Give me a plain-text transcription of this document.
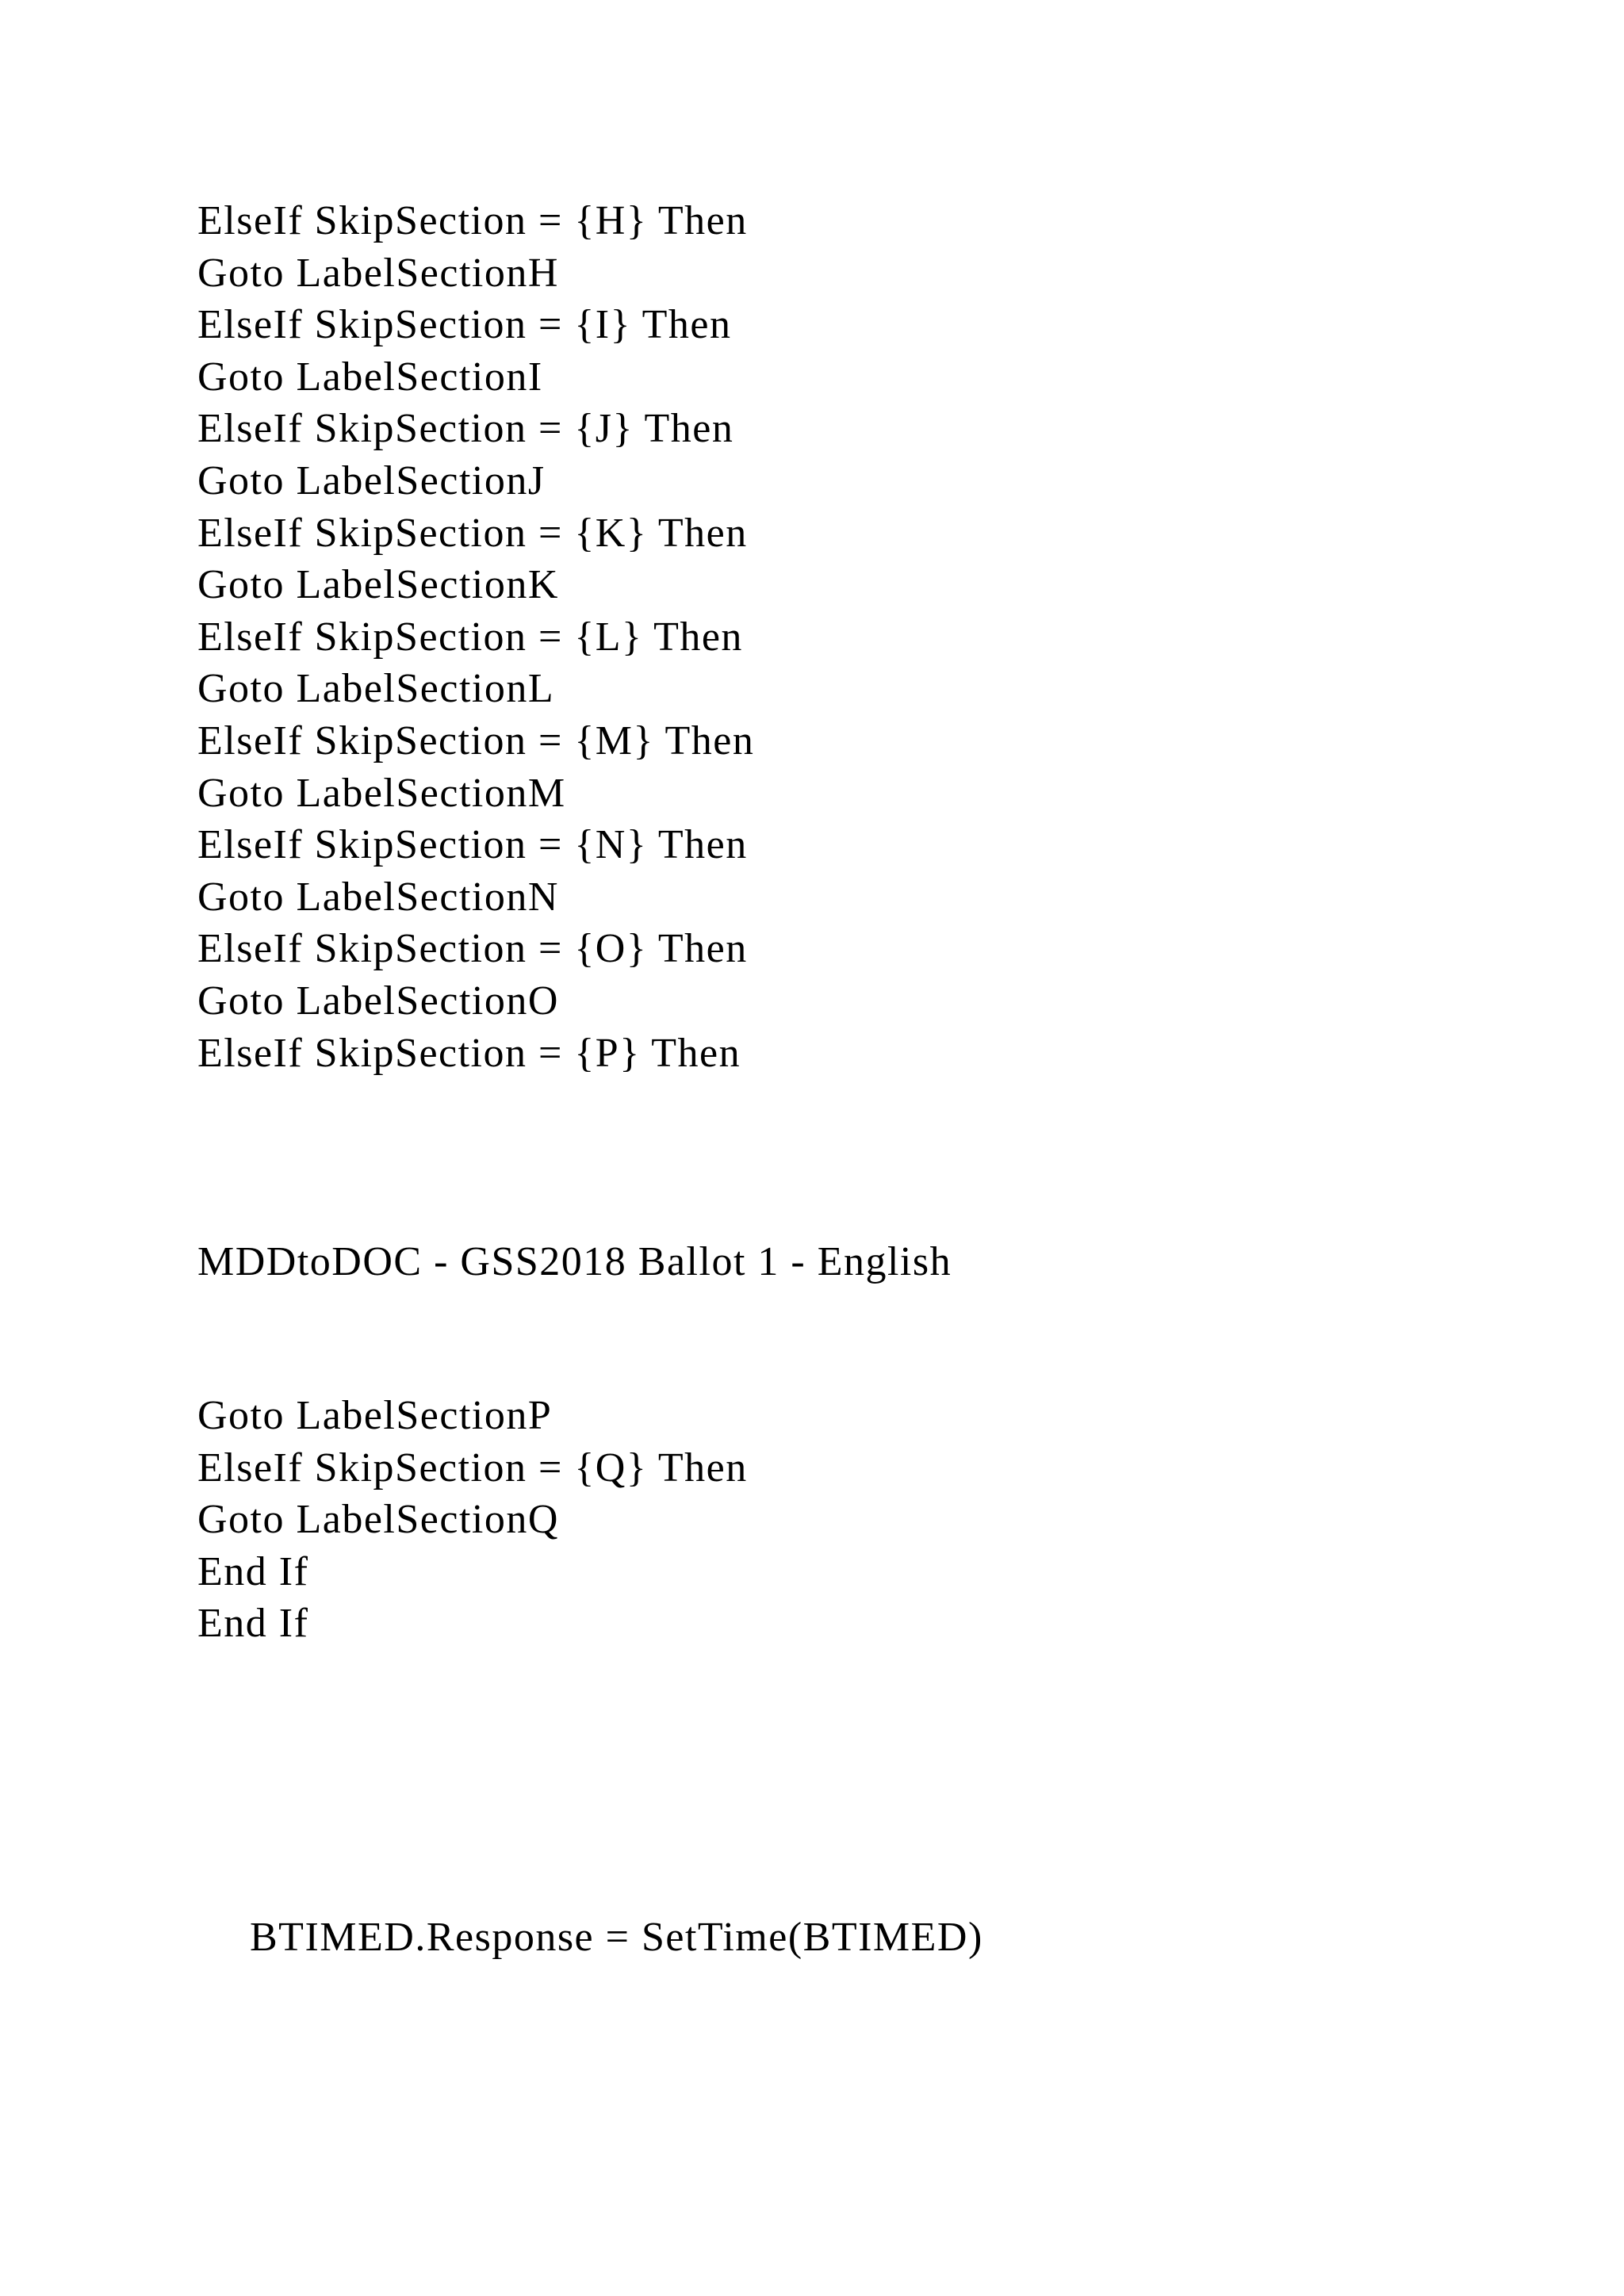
ElseIf SkipSection = {H} Then
Goto LabelSectionH
ElseIf SkipSection = {I} Then
Goto LabelSectionI
ElseIf SkipSection = {J} Then
Goto LabelSectionJ
ElseIf SkipSection = {K} Then
Goto LabelSectionK
ElseIf SkipSection = {L} Then
Goto LabelSectionL
ElseIf SkipSection = {M} Then
Goto LabelSectionM
ElseIf SkipSection = {N} Then
Goto LabelSectionN
ElseIf SkipSection = {O} Then
Goto LabelSectionO
ElseIf SkipSection = {P} Then
MDDtoDOC - GSS2018 Ballot 1 - English
Goto LabelSectionP
ElseIf SkipSection = {Q} Then
Goto LabelSectionQ
End If
End If
BTIMED.Response = SetTime(BTIMED)
